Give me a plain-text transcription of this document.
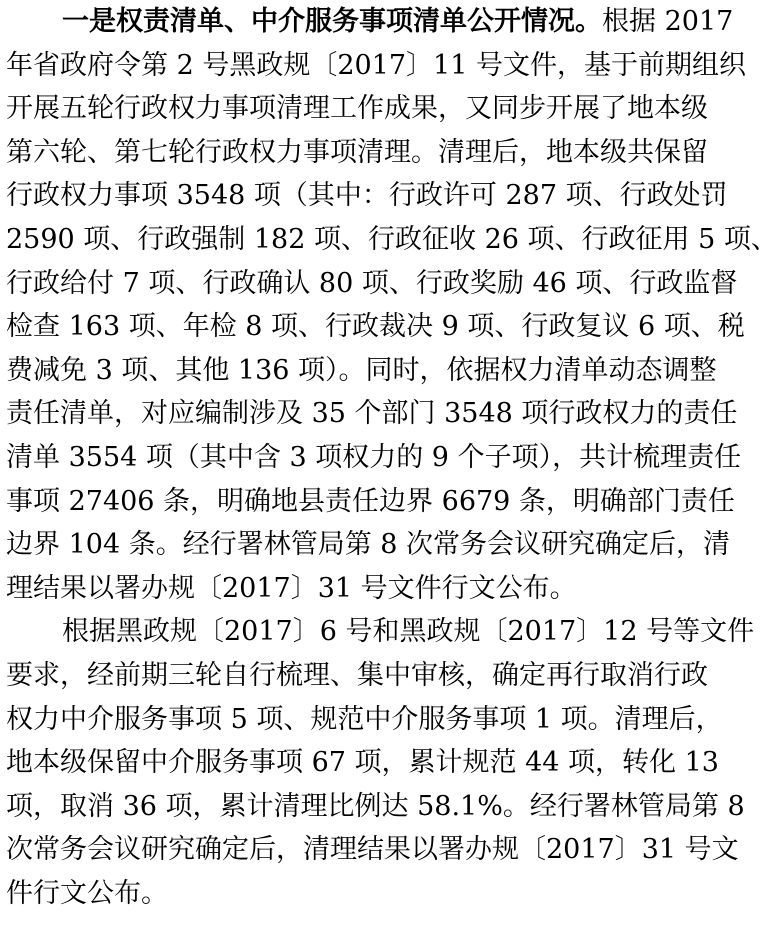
一是权责清单、中介服务事项清单公开情况。根据 2017
年省政府令第 2 号黑政规〔2017〕11 号文件，基于前期组织
开展五轮行政权力事项清理工作成果，又同步开展了地本级
第六轮、第七轮行政权力事项清理。清理后，地本级共保留
行政权力事项 3548 项（其中：行政许可 287 项、行政处罚
2590 项、行政强制 182 项、行政征收 26 项、行政征用 5 项、
行政给付 7 项、行政确认 80 项、行政奖励 46 项、行政监督
检查 163 项、年检 8 项、行政裁决 9 项、行政复议 6 项、税
费减免 3 项、其他 136 项）。同时，依据权力清单动态调整
责任清单，对应编制涉及 35 个部门 3548 项行政权力的责任
清单 3554 项（其中含 3 项权力的 9 个子项），共计梳理责任
事项 27406 条，明确地县责任边界 6679 条，明确部门责任
边界 104 条。经行署林管局第 8 次常务会议研究确定后，清
理结果以署办规〔2017〕31 号文件行文公布。
根据黑政规〔2017〕6 号和黑政规〔2017〕12 号等文件
要求，经前期三轮自行梳理、集中审核，确定再行取消行政
权力中介服务事项 5 项、规范中介服务事项 1 项。清理后，
地本级保留中介服务事项 67 项，累计规范 44 项，转化 13
项，取消 36 项，累计清理比例达 58.1%。经行署林管局第 8
次常务会议研究确定后，清理结果以署办规〔2017〕31 号文
件行文公布。
